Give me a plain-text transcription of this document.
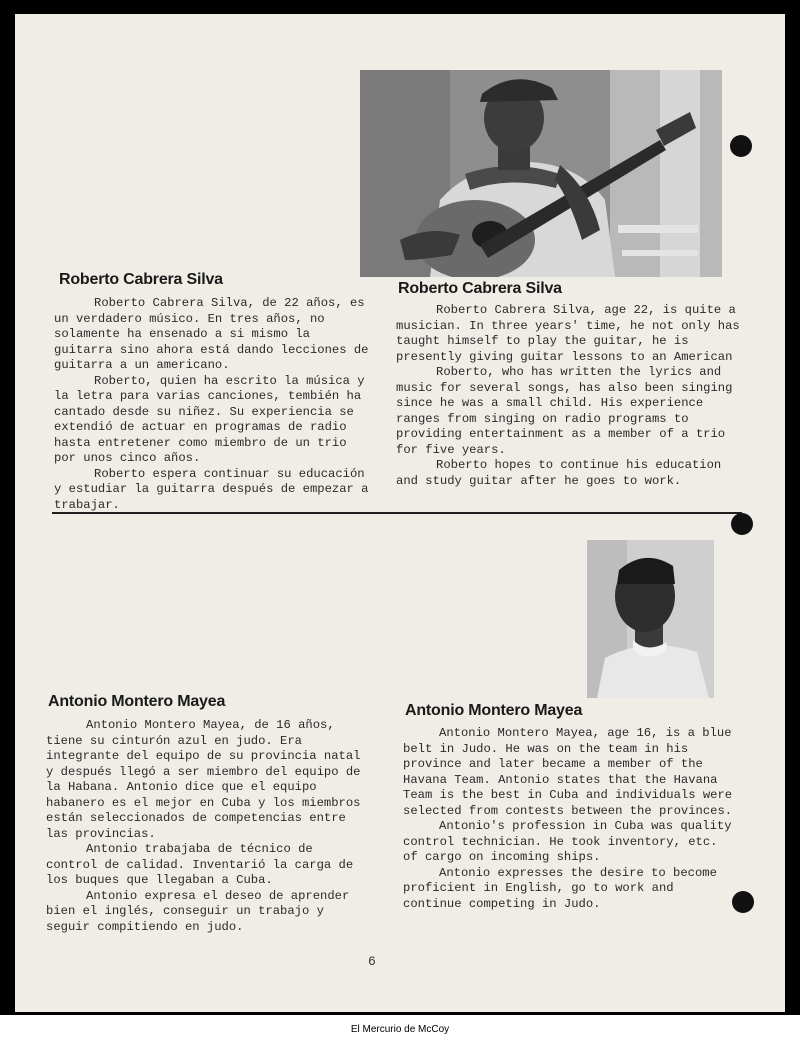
Roberto Cabrera Silva

Roberto Cabrera Silva, de 22 años, es un verdadero músico. En tres años, no solamente ha ensenado a si mismo la guitarra sino ahora está dando lecciones de guitarra a un americano.

Roberto, quien ha escrito la música y la letra para varias canciones, tembién ha cantado desde su niñez. Su experiencia se extendió de actuar en programas de radio hasta entretener como miembro de un trio por unos cinco años.

Roberto espera continuar su educación y estudiar la guitarra después de empezar a trabajar.

Roberto Cabrera Silva

Roberto Cabrera Silva, age 22, is quite a musician. In three years' time, he not only has taught himself to play the guitar, he is presently giving guitar lessons to an American

Roberto, who has written the lyrics and music for several songs, has also been singing since he was a small child. His experience ranges from singing on radio programs to providing entertainment as a member of a trio for five years.

Roberto hopes to continue his education and study guitar after he goes to work.

Antonio Montero Mayea

Antonio Montero Mayea, de 16 años, tiene su cinturón azul en judo. Era integrante del equipo de su provincia natal y después llegó a ser miembro del equipo de la Habana. Antonio dice que el equipo habanero es el mejor en Cuba y los miembros están seleccionados de competencias entre las provincias.

Antonio trabajaba de técnico de control de calidad. Inventarió la carga de los buques que llegaban a Cuba.

Antonio expresa el deseo de aprender bien el inglés, conseguir un trabajo y seguir compitiendo en judo.

Antonio Montero Mayea

Antonio Montero Mayea, age 16, is a blue belt in Judo. He was on the team in his province and later became a member of the Havana Team. Antonio states that the Havana Team is the best in Cuba and individuals were selected from contests between the provinces.

Antonio's profession in Cuba was quality control technician. He took inventory, etc. of cargo on incoming ships.

Antonio expresses the desire to become proficient in English, go to work and continue competing in Judo.

6
El Mercurio de McCoy
